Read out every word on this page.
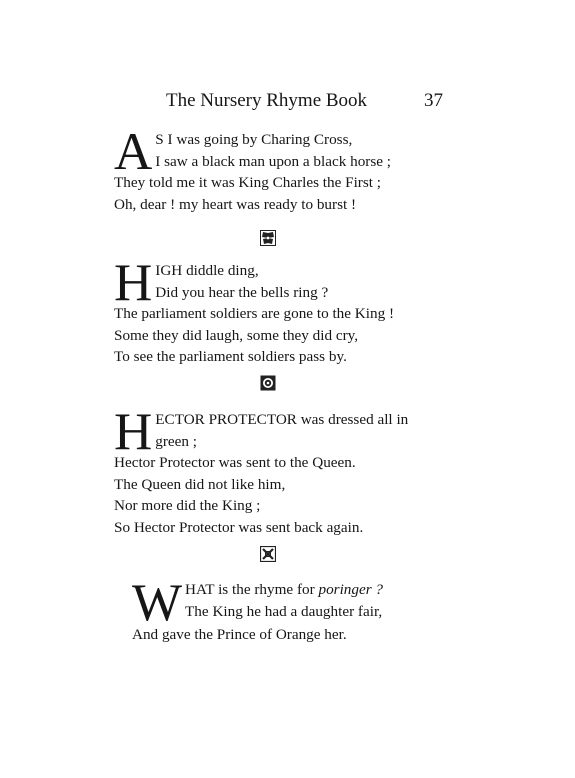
The Nursery Rhyme Book	37
A S I was going by Charing Cross,
I saw a black man upon a black horse ;
They told me it was King Charles the First ;
Oh, dear ! my heart was ready to burst !
H IGH diddle ding,
Did you hear the bells ring ?
The parliament soldiers are gone to the King !
Some they did laugh, some they did cry,
To see the parliament soldiers pass by.
H ECTOR PROTECTOR was dressed all in
green ;
Hector Protector was sent to the Queen.
The Queen did not like him,
Nor more did the King ;
So Hector Protector was sent back again.
W HAT is the rhyme for poringer ?
The King he had a daughter fair,
And gave the Prince of Orange her.
